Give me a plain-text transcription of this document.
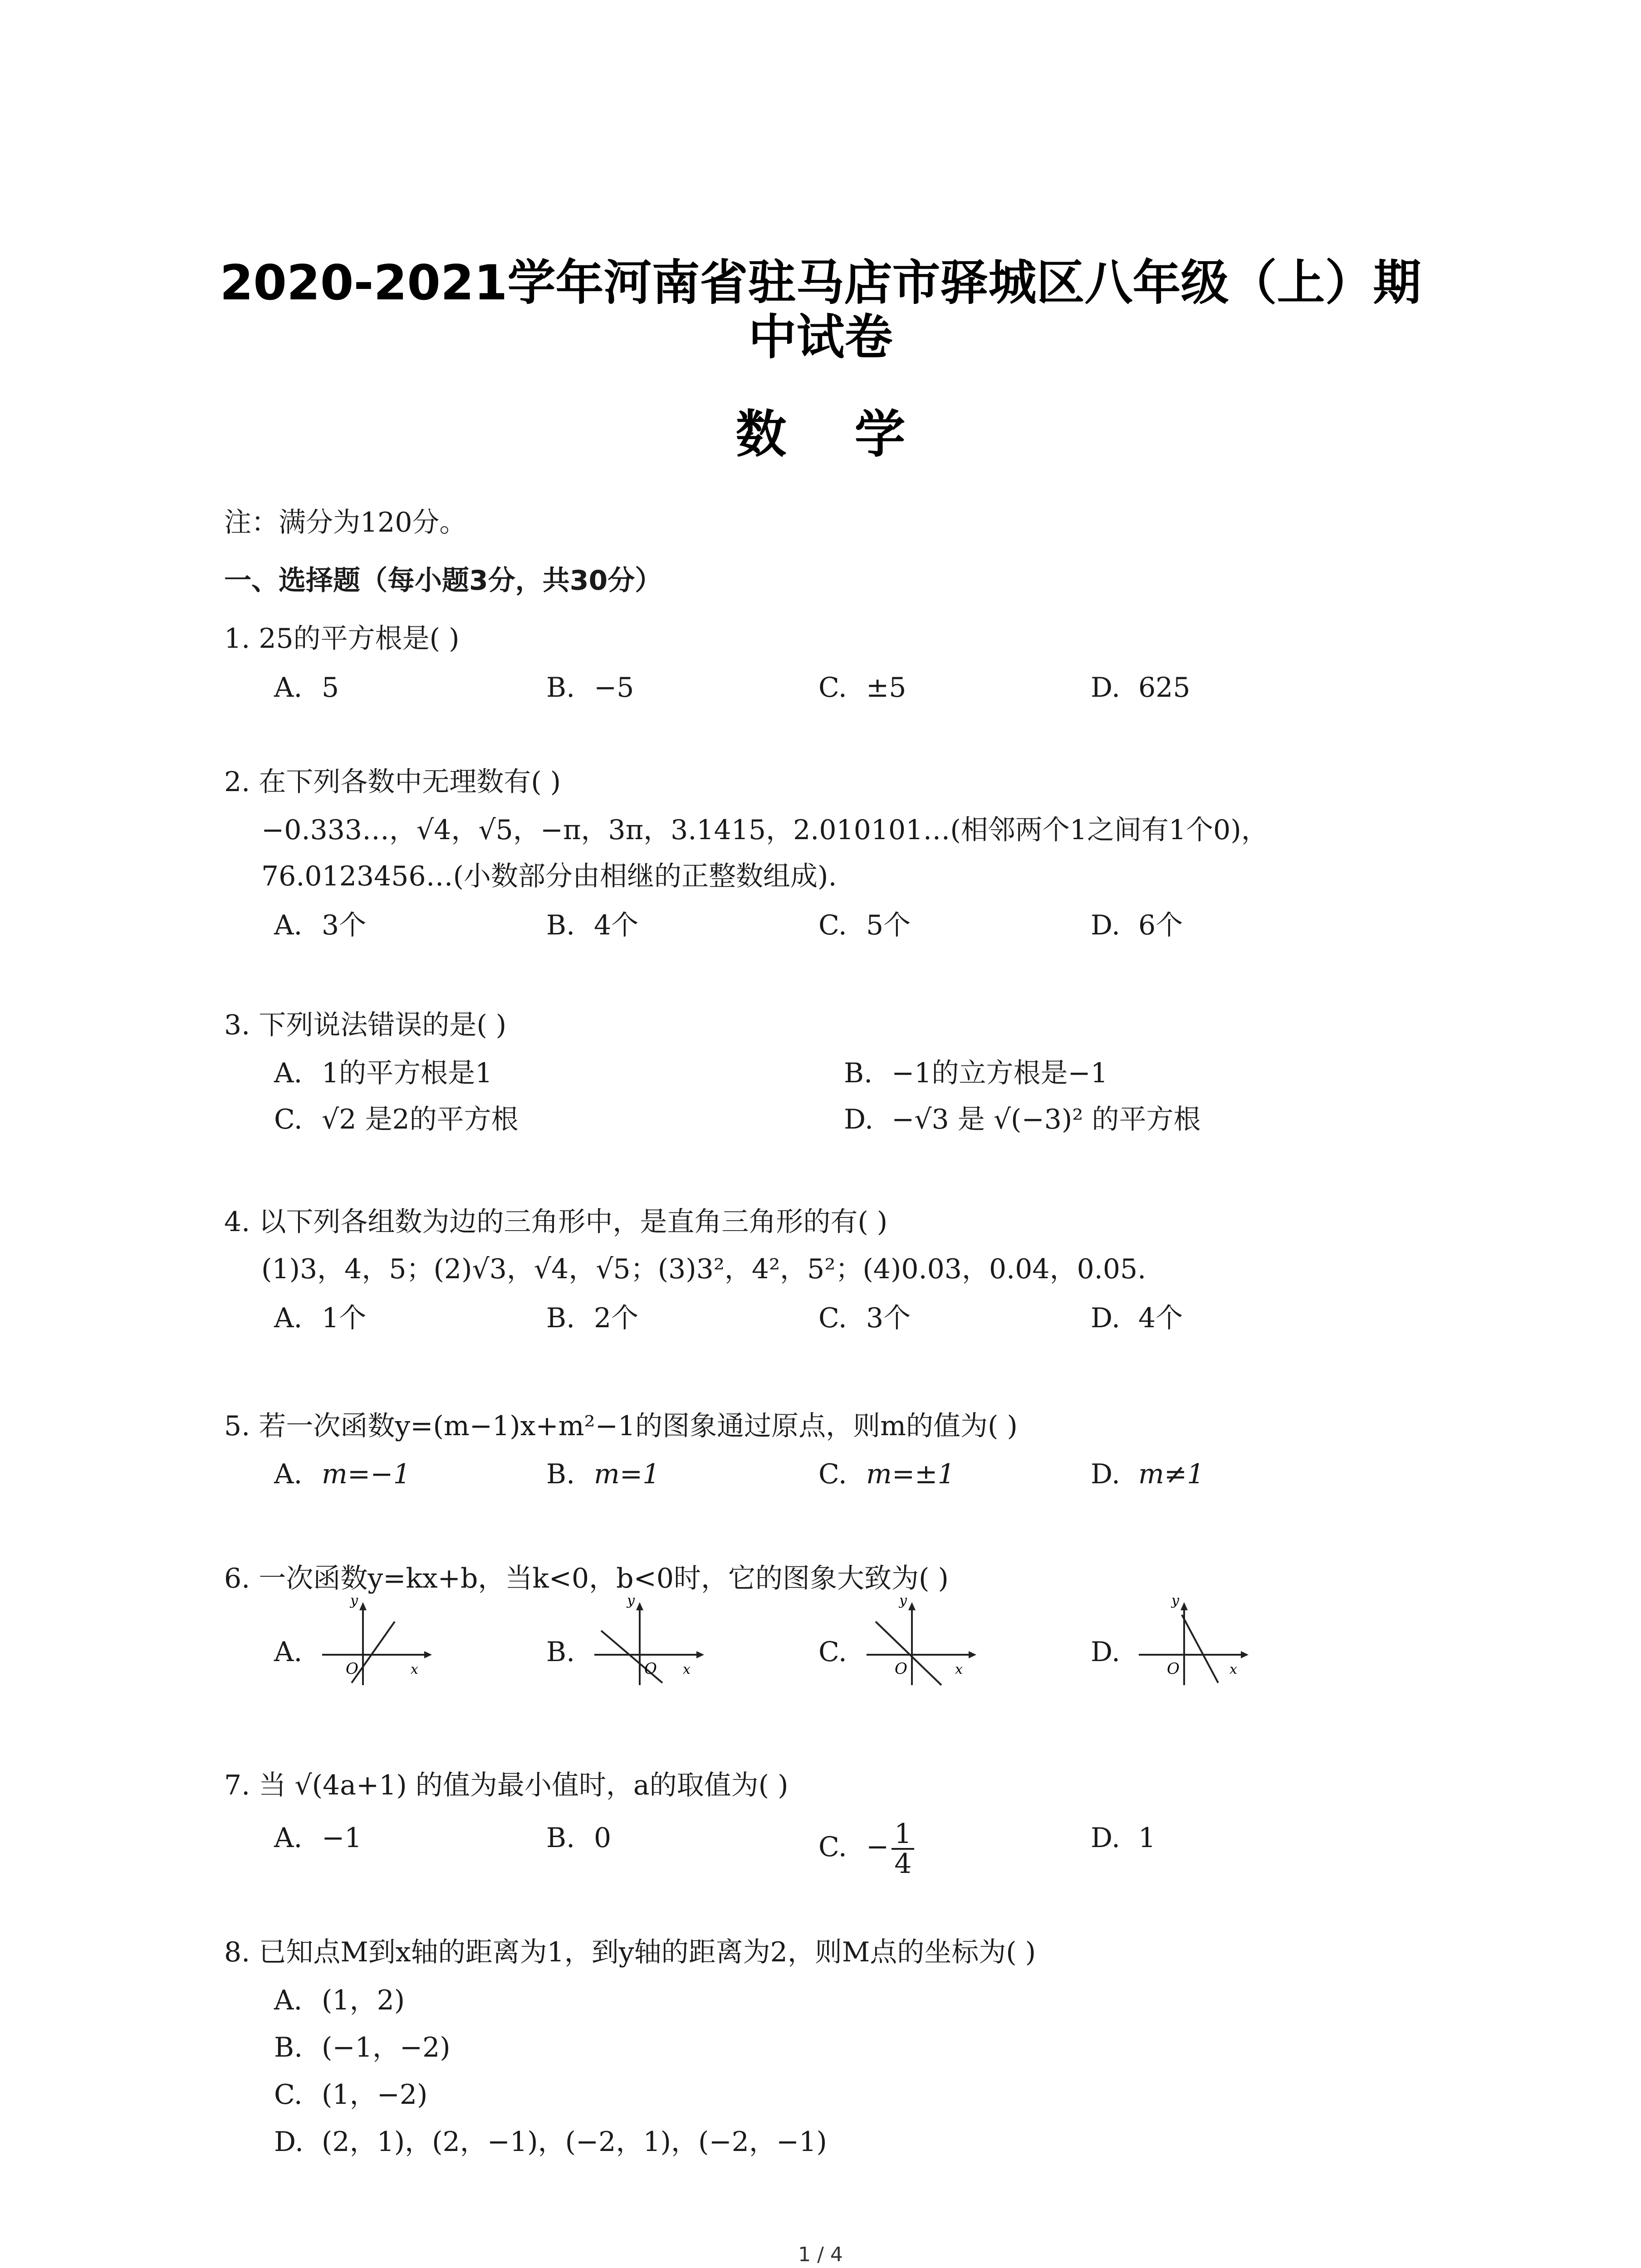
2020-2021学年河南省驻马店市驿城区八年级（上）期
中试卷
数学
注：满分为120分。
一、选择题（每小题3分，共30分）
1. 25的平方根是( )
A. 5	B. −5	C. ±5	D. 625
2. 在下列各数中无理数有( )
−0.333…，√4，√5，−π，3π，3.1415，2.010101…(相邻两个1之间有1个0)，
76.0123456…(小数部分由相继的正整数组成).
A. 3个	B. 4个	C. 5个	D. 6个
3. 下列说法错误的是( )
A. 1的平方根是1	B. −1的立方根是−1
C. √2 是2的平方根	D. −√3 是 √(−3)² 的平方根
4. 以下列各组数为边的三角形中，是直角三角形的有( )
(1)3，4，5；(2)√3，√4，√5；(3)3²，4²，5²；(4)0.03，0.04，0.05.
A. 1个	B. 2个	C. 3个	D. 4个
5. 若一次函数y=(m−1)x+m²−1的图象通过原点，则m的值为( )
A. m=−1	B. m=1	C. m=±1	D. m≠1
6. 一次函数y=kx+b，当k<0，b<0时，它的图象大致为( )
A.
y
x
O
B.
y
x
O
C.
y
x
O
D.
y
x
O
7. 当 √(4a+1) 的值为最小值时，a的取值为( )
A. −1	B. 0	C. − $\frac{1}{4}$	D. 1
8. 已知点M到x轴的距离为1，到y轴的距离为2，则M点的坐标为( )
A. (1，2)
B. (−1，−2)
C. (1，−2)
D. (2，1)，(2，−1)，(−2，1)，(−2，−1)
1 / 4
